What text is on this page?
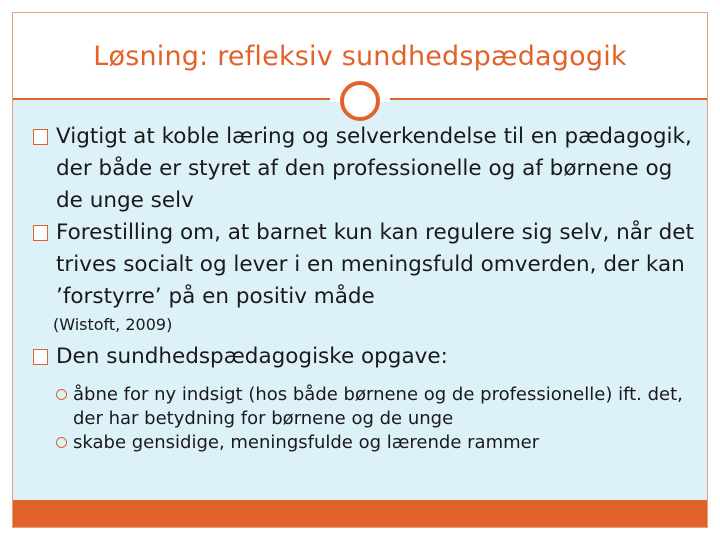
Løsning: refleksiv sundhedspædagogik
Vigtigt at koble læring og selverkendelse til en pædagogik, der både er styret af den professionelle og af børnene og de unge selv
Forestilling om, at barnet kun kan regulere sig selv, når det trives socialt og lever i en meningsfuld omverden, der kan ’forstyrre’ på en positiv måde
(Wistoft, 2009)
Den sundhedspædagogiske opgave:
åbne for ny indsigt (hos både børnene og de professionelle) ift. det, der har betydning for børnene og de unge
skabe gensidige, meningsfulde og lærende rammer
